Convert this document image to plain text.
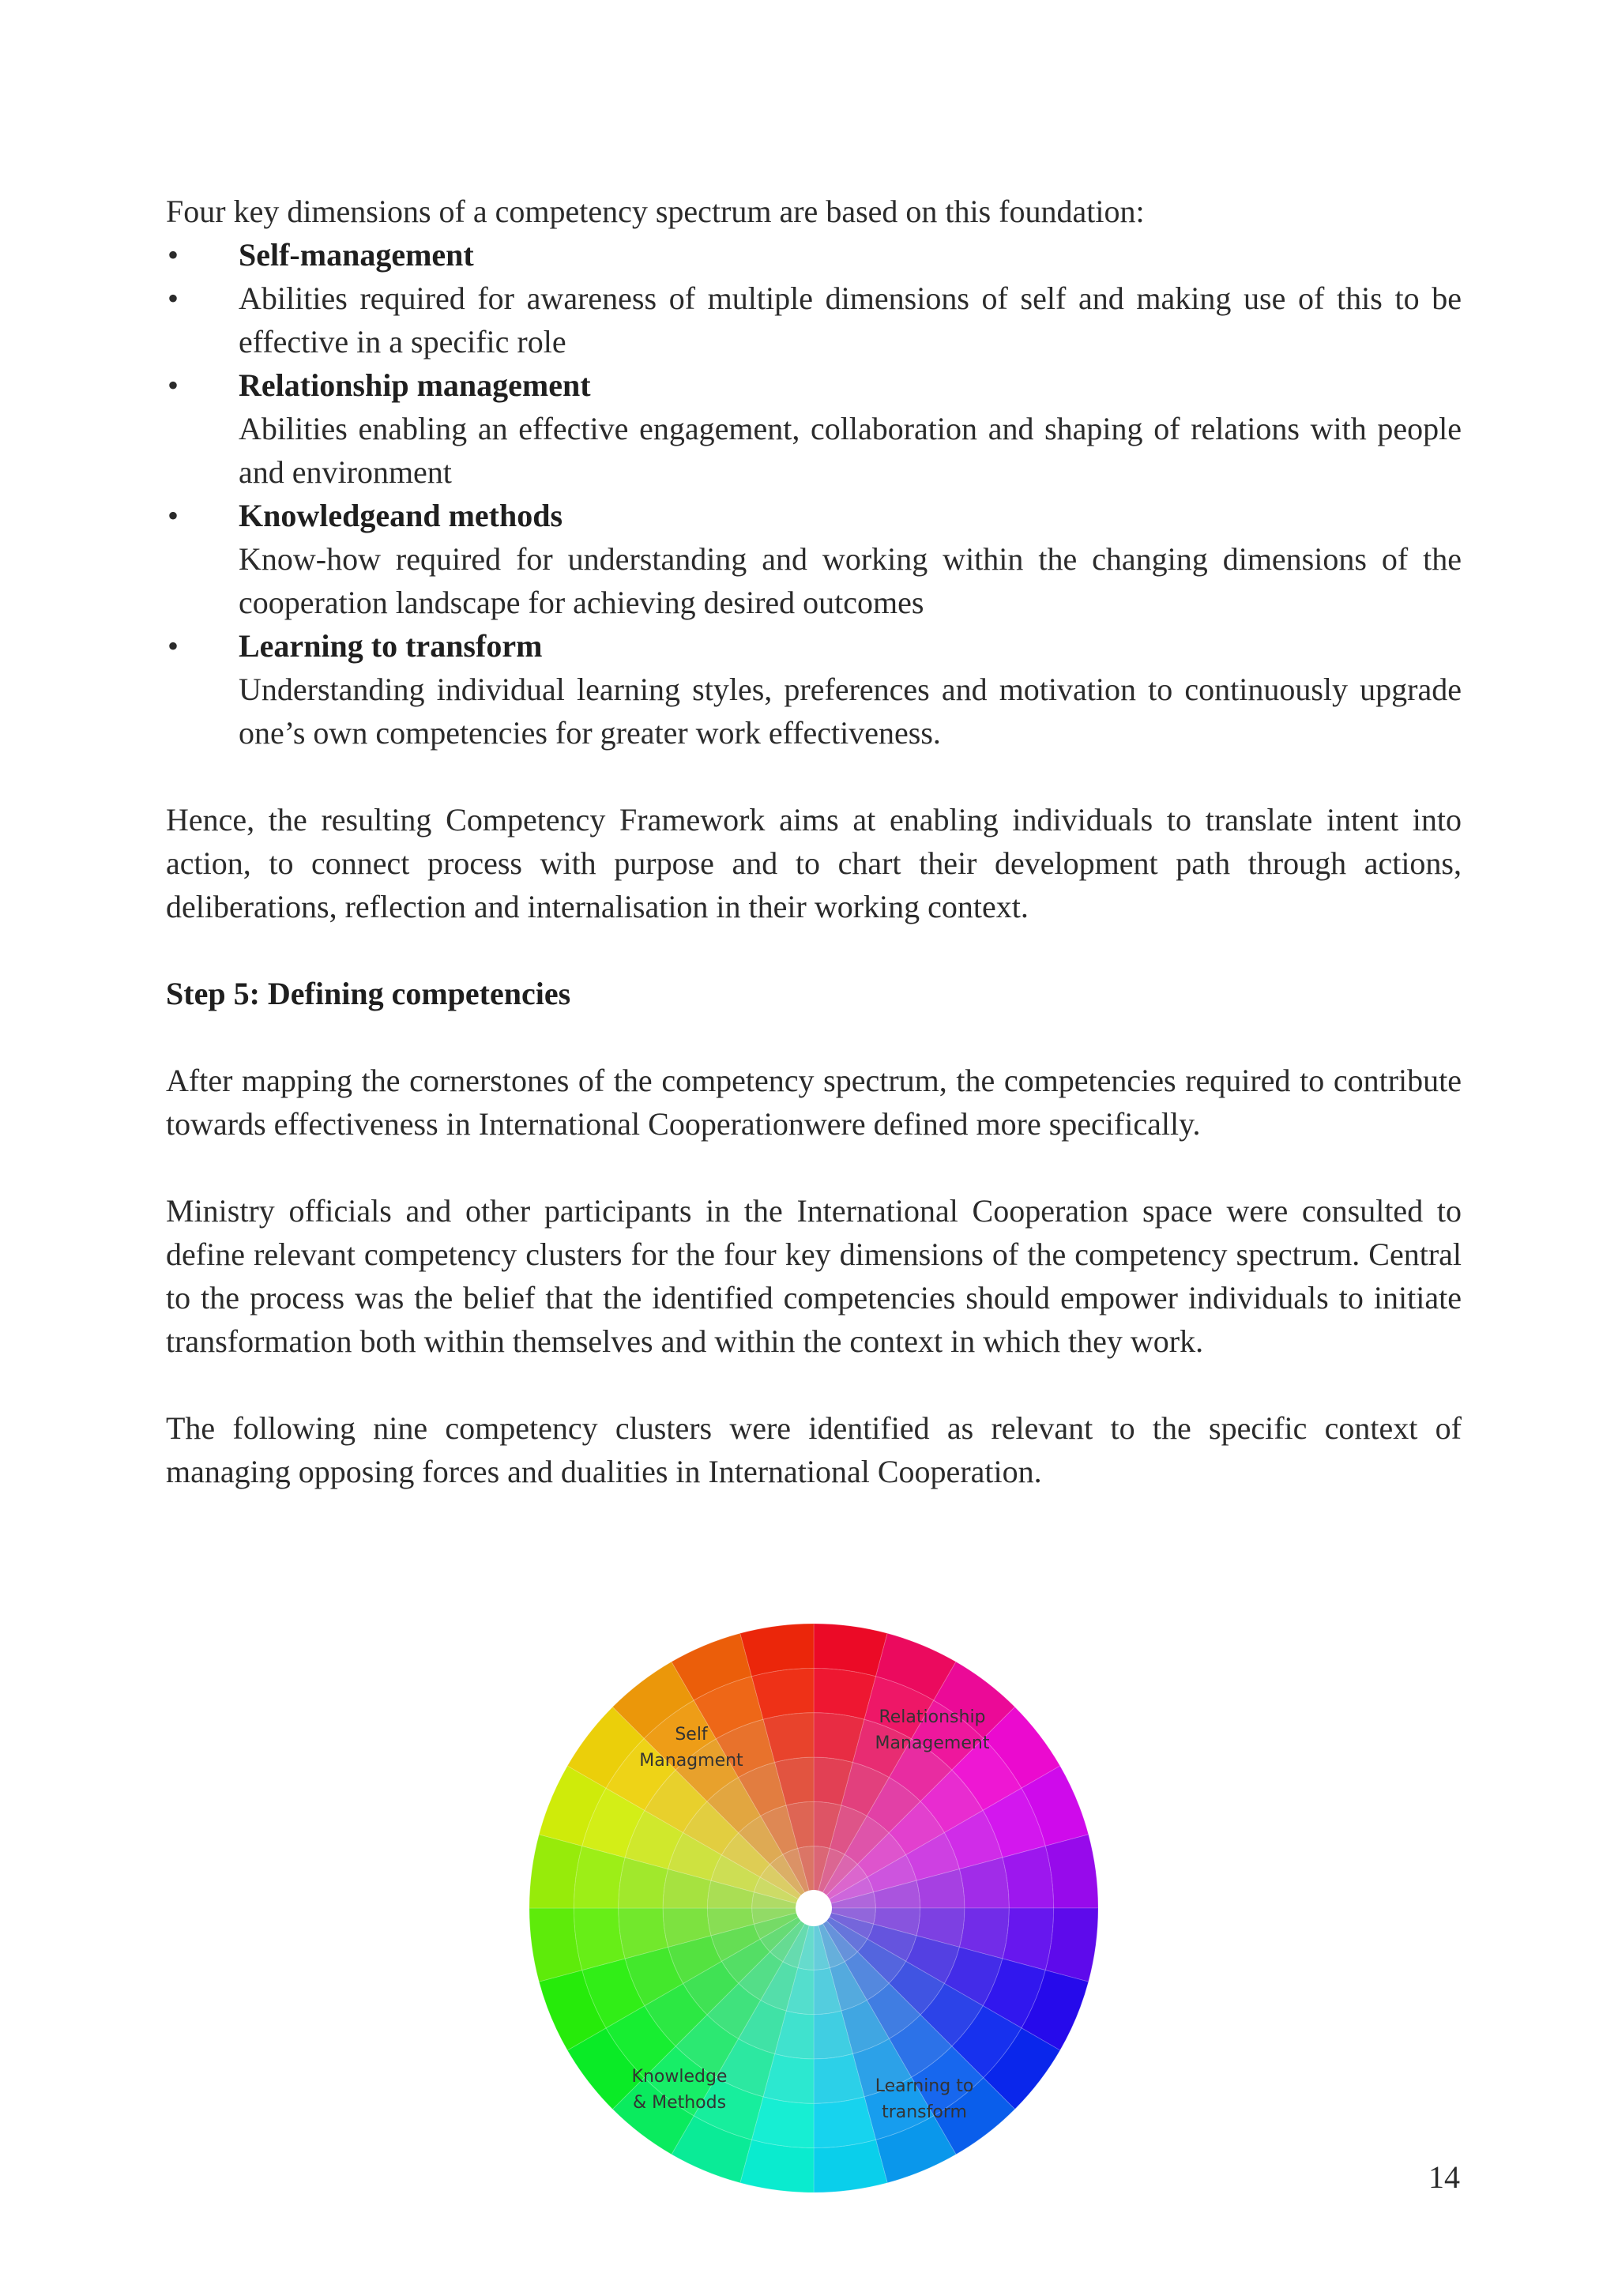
Four key dimensions of a competency spectrum are based on this foundation:

• Self-management
• Abilities required for awareness of multiple dimensions of self and making use of this to be effective in a specific role
• Relationship management
Abilities enabling an effective engagement, collaboration and shaping of relations with people and environment
• Knowledgeand methods
Know-how required for understanding and working within the changing dimensions of the cooperation landscape for achieving desired outcomes
• Learning to transform
Understanding individual learning styles, preferences and motivation to continuously upgrade one’s own competencies for greater work effectiveness.

Hence, the resulting Competency Framework aims at enabling individuals to translate intent into action, to connect process with purpose and to chart their development path through actions, deliberations, reflection and internalisation in their working context.

Step 5: Defining competencies

After mapping the cornerstones of the competency spectrum, the competencies required to contribute towards effectiveness in International Cooperationwere defined more specifically.

Ministry officials and other participants in the International Cooperation space were consulted to define relevant competency clusters for the four key dimensions of the competency spectrum. Central to the process was the belief that the identified competencies should empower individuals to initiate transformation both within themselves and within the context in which they work.

The following nine competency clusters were identified as relevant to the specific context of managing opposing forces and dualities in International Cooperation.

Self
Managment
Relationship
Management
Knowledge
& Methods
Learning to
transform
14
